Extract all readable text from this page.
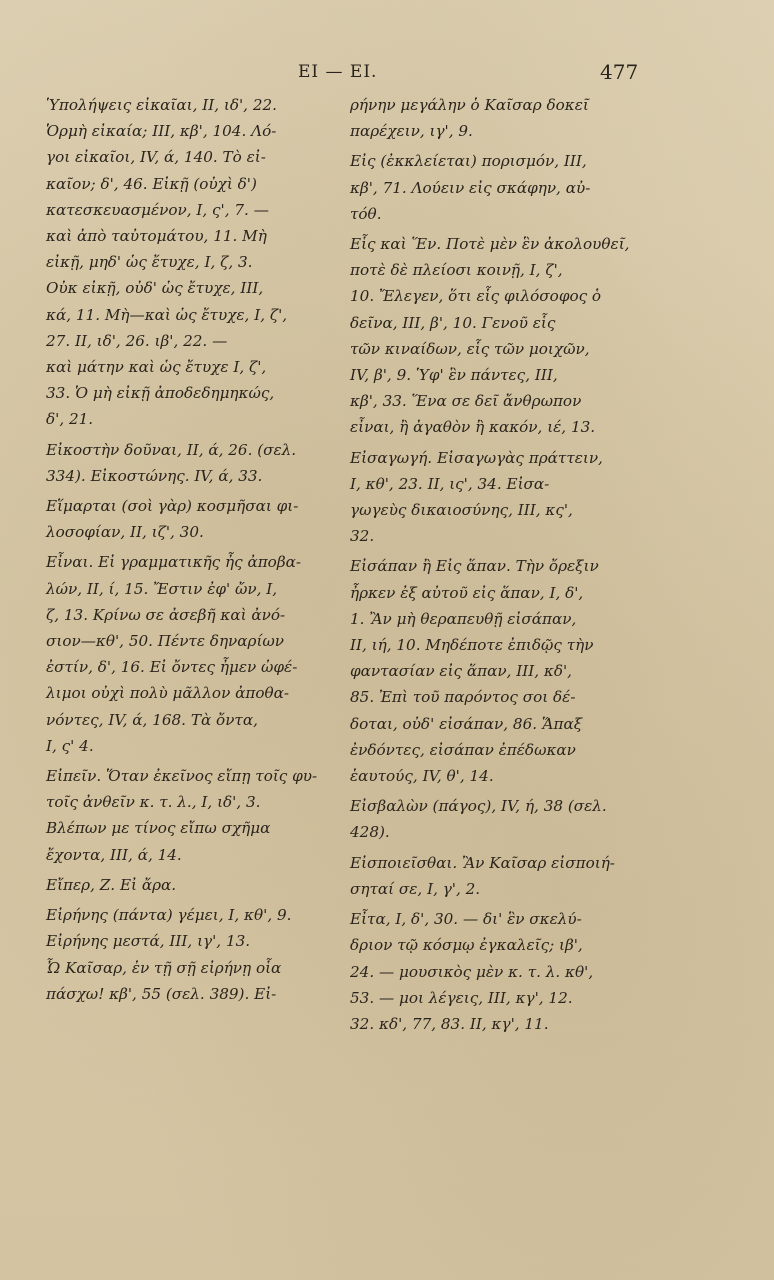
ΕΙ — ΕΙ.	477
Ὑπολήψεις εἰκαῖαι, II, ιδ', 22.
Ὁρμὴ εἰκαία; III, κβ', 104. Λό-
γοι εἰκαῖοι, IV, ά, 140. Τὸ εἰ-
καῖον; δ', 46. Εἰκῇ (οὐχὶ δ')
κατεσκευασμένον, I, ς', 7. —
καὶ ἀπὸ ταὐτομάτου, 11. Μὴ
εἰκῇ, μηδ' ὡς ἔτυχε, I, ζ, 3.
Οὐκ εἰκῇ, οὐδ' ὡς ἔτυχε, III,
κά, 11. Μὴ—καὶ ὡς ἔτυχε, I, ζ',
27. II, ιδ', 26. ιβ', 22. —
καὶ μάτην καὶ ὡς ἔτυχε I, ζ',
33. Ὁ μὴ εἰκῇ ἀποδεδημηκώς,
δ', 21.
Εἰκοστὴν δοῦναι, II, ά, 26. (σελ.
334). Εἰκοστώνης. IV, ά, 33.
Εἵμαρται (σοὶ γὰρ) κοσμῆσαι φι-
λοσοφίαν, II, ιζ', 30.
Εἶναι. Εἰ γραμματικῆς ἦς ἀποβα-
λών, II, ί, 15. Ἔστιν ἐφ' ὤν, I,
ζ, 13. Κρίνω σε ἀσεβῆ καὶ ἀνό-
σιον—κθ', 50. Πέντε δηναρίων
ἐστίν, δ', 16. Εἰ ὄντες ἦμεν ὠφέ-
λιμοι οὐχὶ πολὺ μᾶλλον ἀποθα-
νόντες, IV, ά, 168. Τὰ ὄντα,
I, ς' 4.
Εἰπεῖν. Ὅταν ἐκεῖνος εἴπῃ τοῖς φυ-
τοῖς ἀνθεῖν κ. τ. λ., I, ιδ', 3.
Βλέπων με τίνος εἴπω σχῆμα
ἔχοντα, III, ά, 14.
Εἴπερ, Ζ. Εἰ ἄρα.
Εἰρήνης (πάντα) γέμει, I, κθ', 9.
Εἰρήνης μεστά, III, ιγ', 13.
Ὦ Καῖσαρ, ἐν τῇ σῇ εἰρήνῃ οἷα
πάσχω! κβ', 55 (σελ. 389). Εἰ-
ρήνην μεγάλην ὁ Καῖσαρ δοκεῖ
παρέχειν, ιγ', 9.
Εἰς (ἐκκλείεται) πορισμόν, III,
κβ', 71. Λούειν εἰς σκάφην, αὐ-
τόθ.
Εἷς καὶ Ἕν. Ποτὲ μὲν ἓν ἀκολουθεῖ,
ποτὲ δὲ πλείοσι κοινῇ, I, ζ',
10. Ἔλεγεν, ὅτι εἷς φιλόσοφος ὁ
δεῖνα, III, β', 10. Γενοῦ εἷς
τῶν κιναίδων, εἷς τῶν μοιχῶν,
IV, β', 9. Ὑφ' ἓν πάντες, III,
κβ', 33. Ἕνα σε δεῖ ἄνθρωπον
εἶναι, ἢ ἀγαθὸν ἢ κακόν, ιέ, 13.
Εἰσαγωγή. Εἰσαγωγὰς πράττειν,
I, κθ', 23. II, ις', 34. Εἰσα-
γωγεὺς δικαιοσύνης, III, κς',
32.
Εἰσάπαν ἢ Εἰς ἅπαν. Τὴν ὄρεξιν
ἦρκεν ἐξ αὐτοῦ εἰς ἅπαν, I, δ',
1. Ἂν μὴ θεραπευθῇ εἰσάπαν,
II, ιή, 10. Μηδέποτε ἐπιδῷς τὴν
φαντασίαν εἰς ἅπαν, III, κδ',
85. Ἐπὶ τοῦ παρόντος σοι δέ-
δοται, οὐδ' εἰσάπαν, 86. Ἅπαξ
ἐνδόντες, εἰσάπαν ἐπέδωκαν
ἑαυτούς, IV, θ', 14.
Εἰσβαλὼν (πάγος), IV, ή, 38 (σελ.
428).
Εἰσποιεῖσθαι. Ἂν Καῖσαρ εἰσποιή-
σηταί σε, I, γ', 2.
Εἶτα, I, δ', 30. — δι' ἓν σκελύ-
δριον τῷ κόσμῳ ἐγκαλεῖς; ιβ',
24. — μουσικὸς μὲν κ. τ. λ. κθ',
53. — μοι λέγεις, III, κγ', 12.
32. κδ', 77, 83. II, κγ', 11.
